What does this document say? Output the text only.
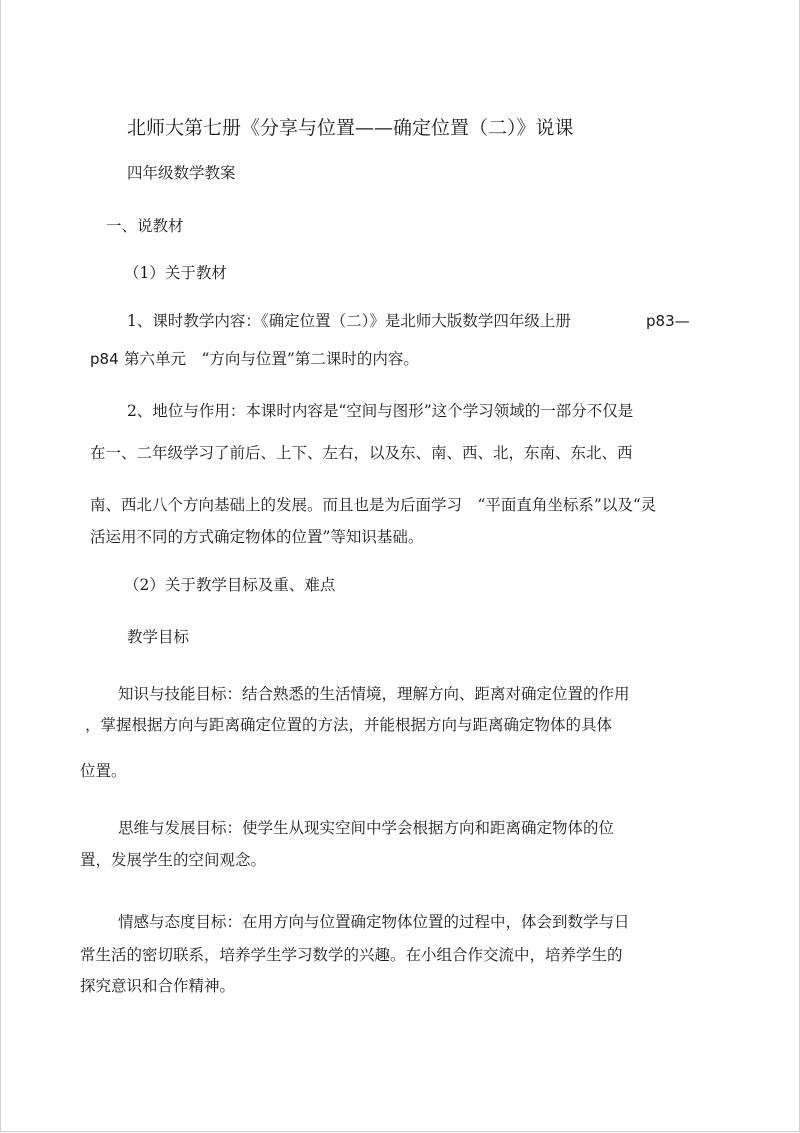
北师大第七册《分享与位置——确定位置（二）》说课
四年级数学教案
一、说教材
（1）关于教材
1、课时教学内容：《确定位置（二）》是北师大版数学四年级上册	p83—
p84 第六单元　“方向与位置”第二课时的内容。
2、地位与作用：本课时内容是“空间与图形”这个学习领域的一部分不仅是
在一、二年级学习了前后、上下、左右，以及东、南、西、北，东南、东北、西
南、西北八个方向基础上的发展。而且也是为后面学习　“平面直角坐标系”以及“灵
活运用不同的方式确定物体的位置”等知识基础。
（2）关于教学目标及重、难点
教学目标
知识与技能目标：结合熟悉的生活情境，理解方向、距离对确定位置的作用
，掌握根据方向与距离确定位置的方法，并能根据方向与距离确定物体的具体
位置。
思维与发展目标：使学生从现实空间中学会根据方向和距离确定物体的位
置，发展学生的空间观念。
情感与态度目标：在用方向与位置确定物体位置的过程中，体会到数学与日
常生活的密切联系，培养学生学习数学的兴趣。在小组合作交流中，培养学生的
探究意识和合作精神。
